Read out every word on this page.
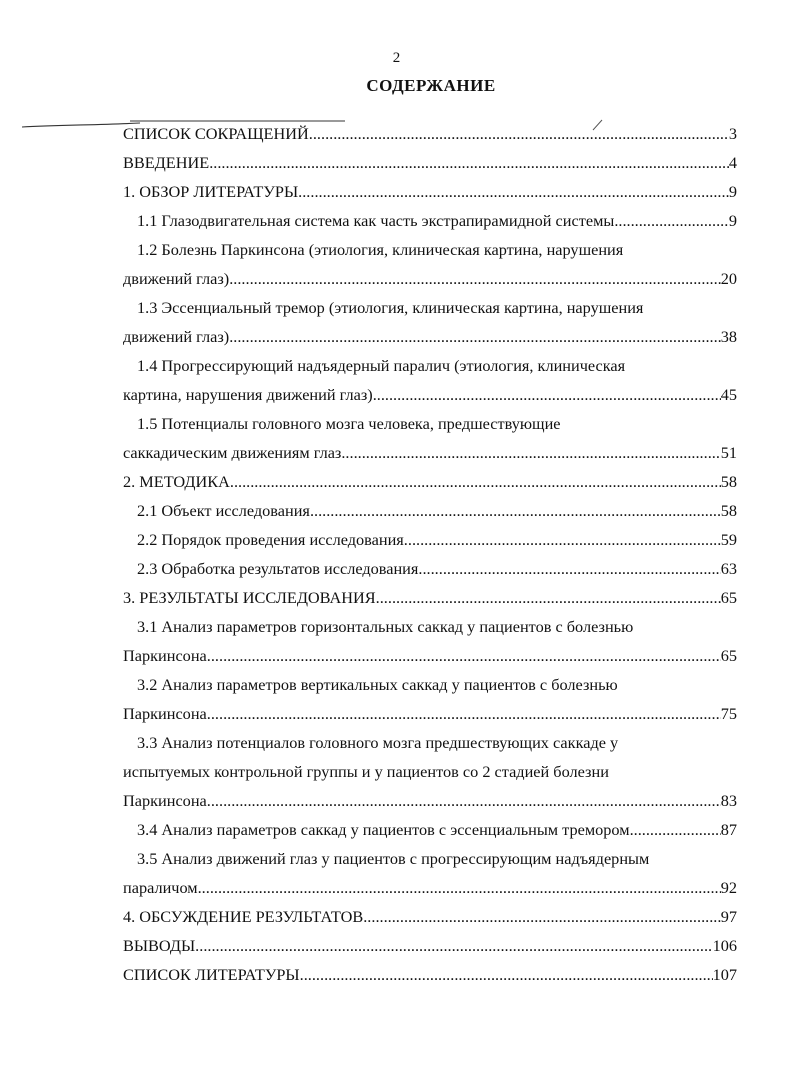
2
СОДЕРЖАНИЕ
СПИСОК СОКРАЩЕНИЙ .....	3
ВВЕДЕНИЕ .....	4
1. ОБЗОР ЛИТЕРАТУРЫ .....	9
1.1 Глазодвигательная система как часть экстрапирамидной системы .....	9
1.2 Болезнь Паркинсона (этиология, клиническая картина, нарушения
движений глаз) .....	20
1.3 Эссенциальный тремор (этиология, клиническая картина, нарушения
движений глаз) .....	38
1.4 Прогрессирующий надъядерный паралич (этиология, клиническая
картина, нарушения движений глаз) .....	45
1.5 Потенциалы головного мозга человека, предшествующие
саккадическим движениям глаз .....	51
2. МЕТОДИКА .....	58
2.1 Объект исследования .....	58
2.2 Порядок проведения исследования .....	59
2.3 Обработка результатов исследования .....	63
3. РЕЗУЛЬТАТЫ ИССЛЕДОВАНИЯ .....	65
3.1 Анализ параметров горизонтальных саккад у пациентов с болезнью
Паркинсона .....	65
3.2 Анализ параметров вертикальных саккад у пациентов с болезнью
Паркинсона .....	75
3.3 Анализ потенциалов головного мозга предшествующих саккаде у
испытуемых контрольной группы и у пациентов со 2 стадией болезни
Паркинсона .....	83
3.4 Анализ параметров саккад у пациентов с эссенциальным тремором .....	87
3.5 Анализ движений глаз у пациентов с прогрессирующим надъядерным
параличом .....	92
4. ОБСУЖДЕНИЕ РЕЗУЛЬТАТОВ .....	97
ВЫВОДЫ .....	106
СПИСОК ЛИТЕРАТУРЫ .....	107
